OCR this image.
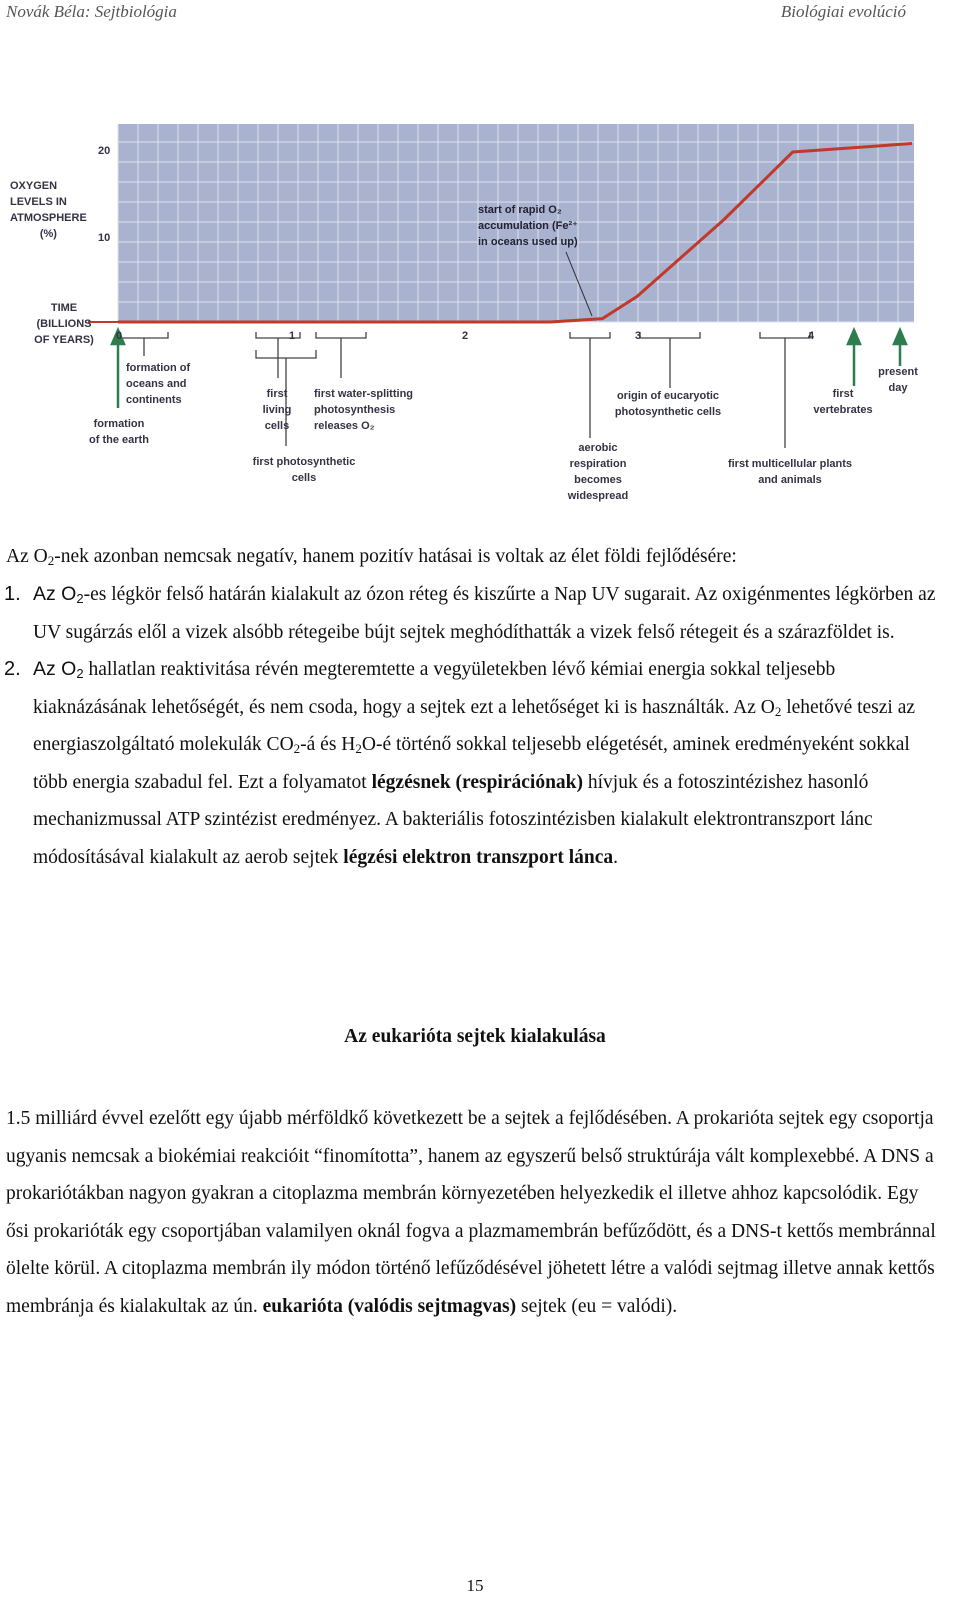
Novák Béla: Sejtbiológia	Biológiai evolúció
OXYGEN
LEVELS IN
ATMOSPHERE
(%)
20
10
TIME
(BILLIONS
OF YEARS)	0	1	2	3	4
start of rapid O₂
accumulation (Fe²⁺
in oceans used up)
formation of
oceans and
continents
formation
of the earth
first
living
cells
first photosynthetic
cells
first water-splitting
photosynthesis
releases O₂
aerobic
respiration
becomes
widespread
origin of eucaryotic
photosynthetic cells
first multicellular plants
and animals
first
vertebrates
present
day
Az $O_2$-nek azonban nemcsak negatív, hanem pozitív hatásai is voltak az élet földi fejlődésére:
1. Az $O_2-es$ légkör felső határán kialakult az ózon réteg és kiszűrte a Nap UV sugarait. Az oxigénmentes légkörben az UV sugárzás elől a vizek alsóbb rétegeibe bújt sejtek meghódíthatták a vizek felső rétegeit és a szárazföldet is.
2. Az $O_2$ hallatlan reaktivitása révén megteremtette a vegyületekben lévő kémiai energia sokkal teljesebb kiaknázásának lehetőségét, és nem csoda, hogy a sejtek ezt a lehetőséget ki is használták. Az $O_2$ lehetővé teszi az energiaszolgáltató molekulák $CO_2-á$ és $H_2O-é$ történő sokkal teljesebb elégetését, aminek eredményeként sokkal több energia szabadul fel. Ezt a folyamatot légzésnek (respirációnak) hívjuk és a fotoszintézishez hasonló mechanizmussal ATP szintézist eredményez. A bakteriális fotoszintézisben kialakult elektrontranszport lánc módosításával kialakult az aerob sejtek légzési elektron transzport lánca.
Az eukarióta sejtek kialakulása
1.5 milliárd évvel ezelőtt egy újabb mérföldkő következett be a sejtek a fejlődésében. A prokarióta sejtek egy csoportja ugyanis nemcsak a biokémiai reakcióit “finomította”, hanem az egyszerű belső struktúrája vált komplexebbé. A DNS a prokariótákban nagyon gyakran a citoplazma membrán környezetében helyezkedik el illetve ahhoz kapcsolódik. Egy ősi prokarióták egy csoportjában valamilyen oknál fogva a plazmamembrán befűződött, és a DNS-t kettős membránnal ölelte körül. A citoplazma membrán ily módon történő lefűződésével jöhetett létre a valódi sejtmag illetve annak kettős membránja és kialakultak az ún. eukarióta (valódis sejtmagvas) sejtek (eu = valódi).
15
